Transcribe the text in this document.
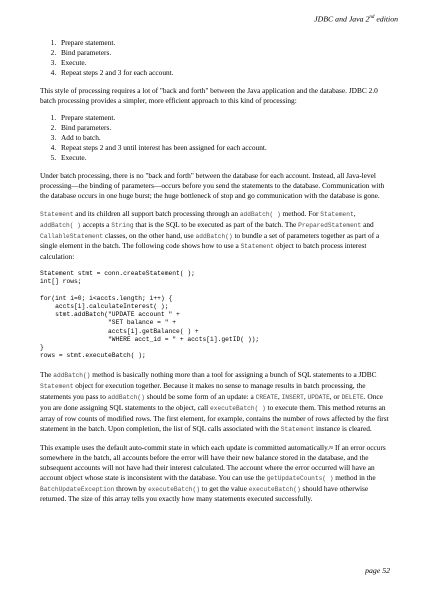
JDBC and Java 2nd edition
1. Prepare statement.
2. Bind parameters.
3. Execute.
4. Repeat steps 2 and 3 for each account.

This style of processing requires a lot of "back and forth" between the Java application and the database. JDBC 2.0 batch processing provides a simpler, more efficient approach to this kind of processing:

1. Prepare statement.
2. Bind parameters.
3. Add to batch.
4. Repeat steps 2 and 3 until interest has been assigned for each account.
5. Execute.

Under batch processing, there is no "back and forth" between the database for each account. Instead, all Java-level processing—the binding of parameters—occurs before you send the statements to the database. Communication with the database occurs in one huge burst; the huge bottleneck of stop and go communication with the database is gone.

Statement and its children all support batch processing through an addBatch( ) method. For Statement, addBatch( ) accepts a String that is the SQL to be executed as part of the batch. The PreparedStatement and CallableStatement classes, on the other hand, use addBatch() to bundle a set of parameters together as part of a single element in the batch. The following code shows how to use a Statement object to batch process interest calculation:

Statement stmt = conn.createStatement( );
int[] rows;

for(int i=0; i<accts.length; i++) {
accts[i].calculateInterest( );
stmt.addBatch("UPDATE account " +
"SET balance = " +
accts[i].getBalance( ) +
"WHERE acct_id = " + accts[i].getID( ));
}
rows = stmt.executeBatch( );

The addBatch() method is basically nothing more than a tool for assigning a bunch of SQL statements to a JDBC Statement object for execution together. Because it makes no sense to manage results in batch processing, the statements you pass to addBatch() should be some form of an update: a CREATE, INSERT, UPDATE, or DELETE. Once you are done assigning SQL statements to the object, call executeBatch( ) to execute them. This method returns an array of row counts of modified rows. The first element, for example, contains the number of rows affected by the first statement in the batch. Upon completion, the list of SQL calls associated with the Statement instance is cleared.

This example uses the default auto-commit state in which each update is committed automatically.≈ If an error occurs somewhere in the batch, all accounts before the error will have their new balance stored in the database, and the subsequent accounts will not have had their interest calculated. The account where the error occurred will have an account object whose state is inconsistent with the database. You can use the getUpdateCounts( ) method in the BatchUpdateException thrown by executeBatch() to get the value executeBatch() should have otherwise returned. The size of this array tells you exactly how many statements executed successfully.

page 52
